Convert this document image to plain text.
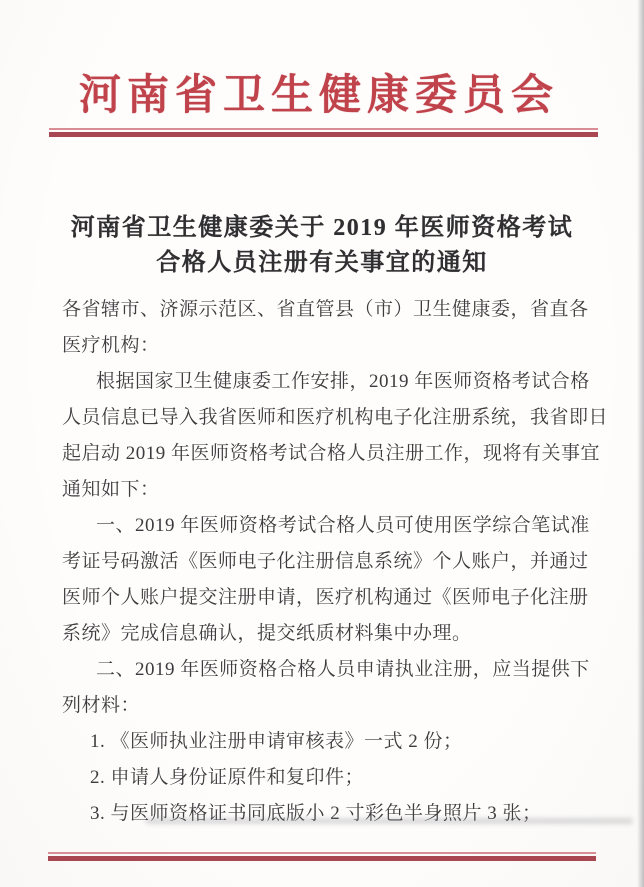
河南省卫生健康委员会
河南省卫生健康委关于 2019 年医师资格考试
合格人员注册有关事宜的通知
各省辖市、济源示范区、省直管县（市）卫生健康委，省直各
医疗机构：
根据国家卫生健康委工作安排，2019 年医师资格考试合格
人员信息已导入我省医师和医疗机构电子化注册系统，我省即日
起启动 2019 年医师资格考试合格人员注册工作，现将有关事宜
通知如下：
一、2019 年医师资格考试合格人员可使用医学综合笔试准
考证号码激活《医师电子化注册信息系统》个人账户，并通过
医师个人账户提交注册申请，医疗机构通过《医师电子化注册
系统》完成信息确认，提交纸质材料集中办理。
二、2019 年医师资格合格人员申请执业注册，应当提供下
列材料：
1. 《医师执业注册申请审核表》一式 2 份；
2. 申请人身份证原件和复印件；
3. 与医师资格证书同底版小 2 寸彩色半身照片 3 张；
